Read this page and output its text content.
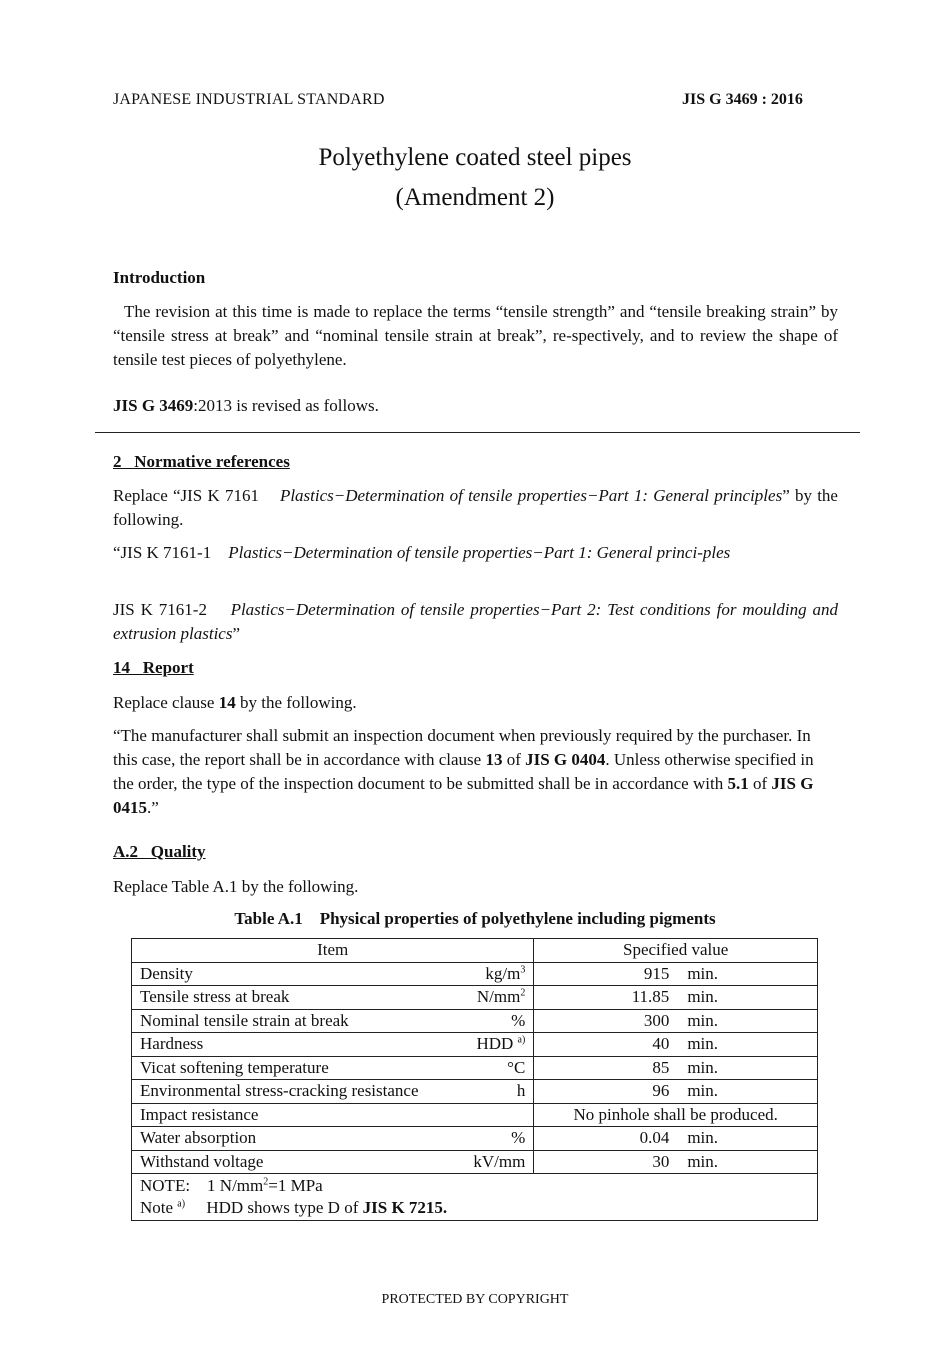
JAPANESE INDUSTRIAL STANDARD	JIS G 3469 : 2016
Polyethylene coated steel pipes
(Amendment 2)
Introduction
The revision at this time is made to replace the terms “tensile strength” and “tensile breaking strain” by “tensile stress at break” and “nominal tensile strain at break”, re-spectively, and to review the shape of tensile test pieces of polyethylene.
JIS G 3469:2013 is revised as follows.
2   Normative references
Replace “JIS K 7161 Plastics−Determination of tensile properties−Part 1: General principles” by the following.
“JIS K 7161-1 Plastics−Determination of tensile properties−Part 1: General princi-ples
JIS K 7161-2 Plastics−Determination of tensile properties−Part 2: Test conditions for moulding and extrusion plastics”
14   Report
Replace clause 14 by the following.
“The manufacturer shall submit an inspection document when previously required by the purchaser. In this case, the report shall be in accordance with clause 13 of JIS G 0404. Unless otherwise specified in the order, the type of the inspection document to be submitted shall be in accordance with 5.1 of JIS G 0415.”
A.2   Quality
Replace Table A.1 by the following.
Table A.1    Physical properties of polyethylene including pigments
Item		Specified value
Density	$kg/m^3$	915 min.
Tensile stress at break	$N/mm^2$	11.85 min.
Nominal tensile strain at break	%	300 min.
Hardness	HDD $^{a)}$	40 min.
Vicat softening temperature	°C	85 min.
Environmental stress-cracking resistance	h	96 min.
Impact resistance		No pinhole shall be produced.
Water absorption	%	0.04 min.
Withstand voltage	kV/mm	30 min.

NOTE: 1 $N/mm^2=1$ MPa
Note $^{a)}$ HDD shows type D of JIS K 7215.		
PROTECTED BY COPYRIGHT
